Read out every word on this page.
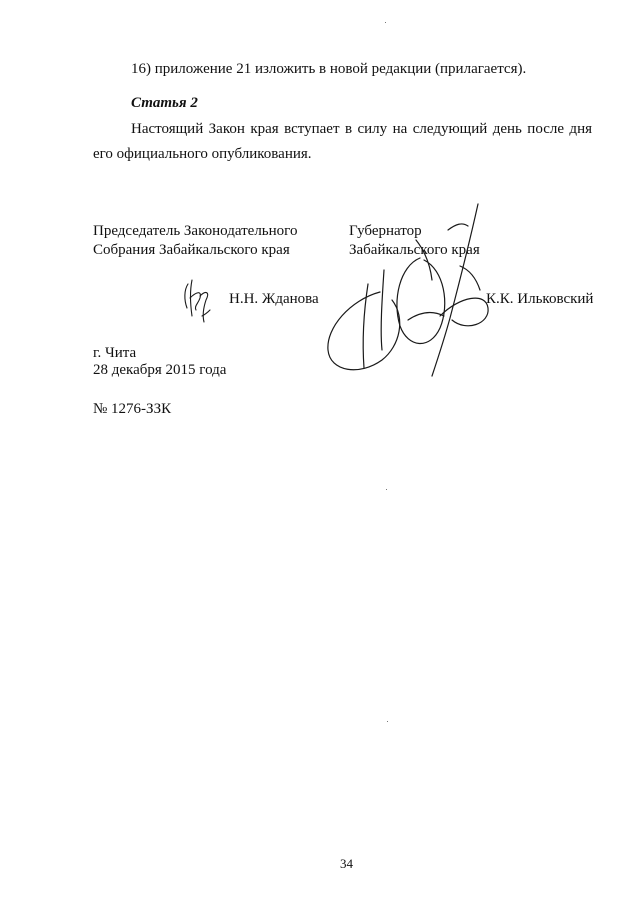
16) приложение 21 изложить в новой редакции (прилагается).
Статья 2
Настоящий Закон края вступает в силу на следующий день после дня
его официального опубликования.
Председатель Законодательного
Собрания Забайкальского края
Н.Н. Жданова
Губернатор
Забайкальского края
К.К. Ильковский
г. Чита
28 декабря 2015 года
№ 1276-ЗЗК
34
